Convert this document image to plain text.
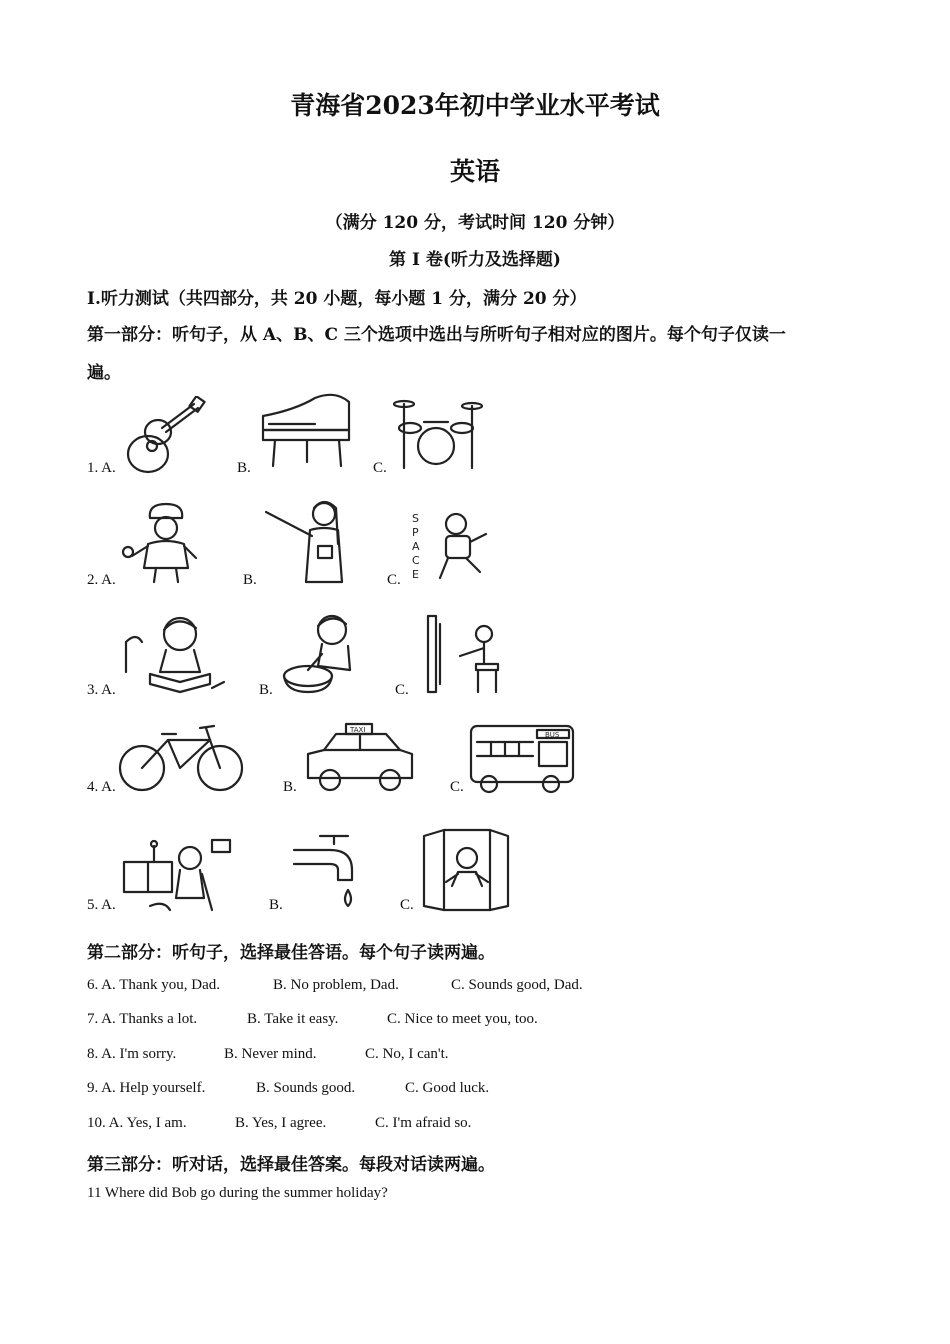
青海省2023年初中学业水平考试
英语
（满分 120 分，考试时间 120 分钟）
第 I 卷(听力及选择题)
I.听力测试（共四部分，共 20 小题，每小题 1 分，满分 20 分）
第一部分：听句子，从 A、B、C 三个选项中选出与所听句子相对应的图片。每个句子仅读一
遍。
1. A.	B.	C.
2. A.	B.	C.
S
P
A
C
E
3. A.	B.	C.
4. A.	B.
TAXI
C.
BUS
5. A.	B.	C.
第二部分：听句子，选择最佳答语。每个句子读两遍。
6. A. Thank you, Dad.	B. No problem, Dad.	C. Sounds good, Dad.
7. A. Thanks a lot.	B. Take it easy.	C. Nice to meet you, too.
8. A. I'm sorry.	B. Never mind.	C. No, I can't.
9. A. Help yourself.	B. Sounds good.	C. Good luck.
10. A. Yes, I am.	B. Yes, I agree.	C. I'm afraid so.
第三部分：听对话，选择最佳答案。每段对话读两遍。
11 Where did Bob go during the summer holiday?
